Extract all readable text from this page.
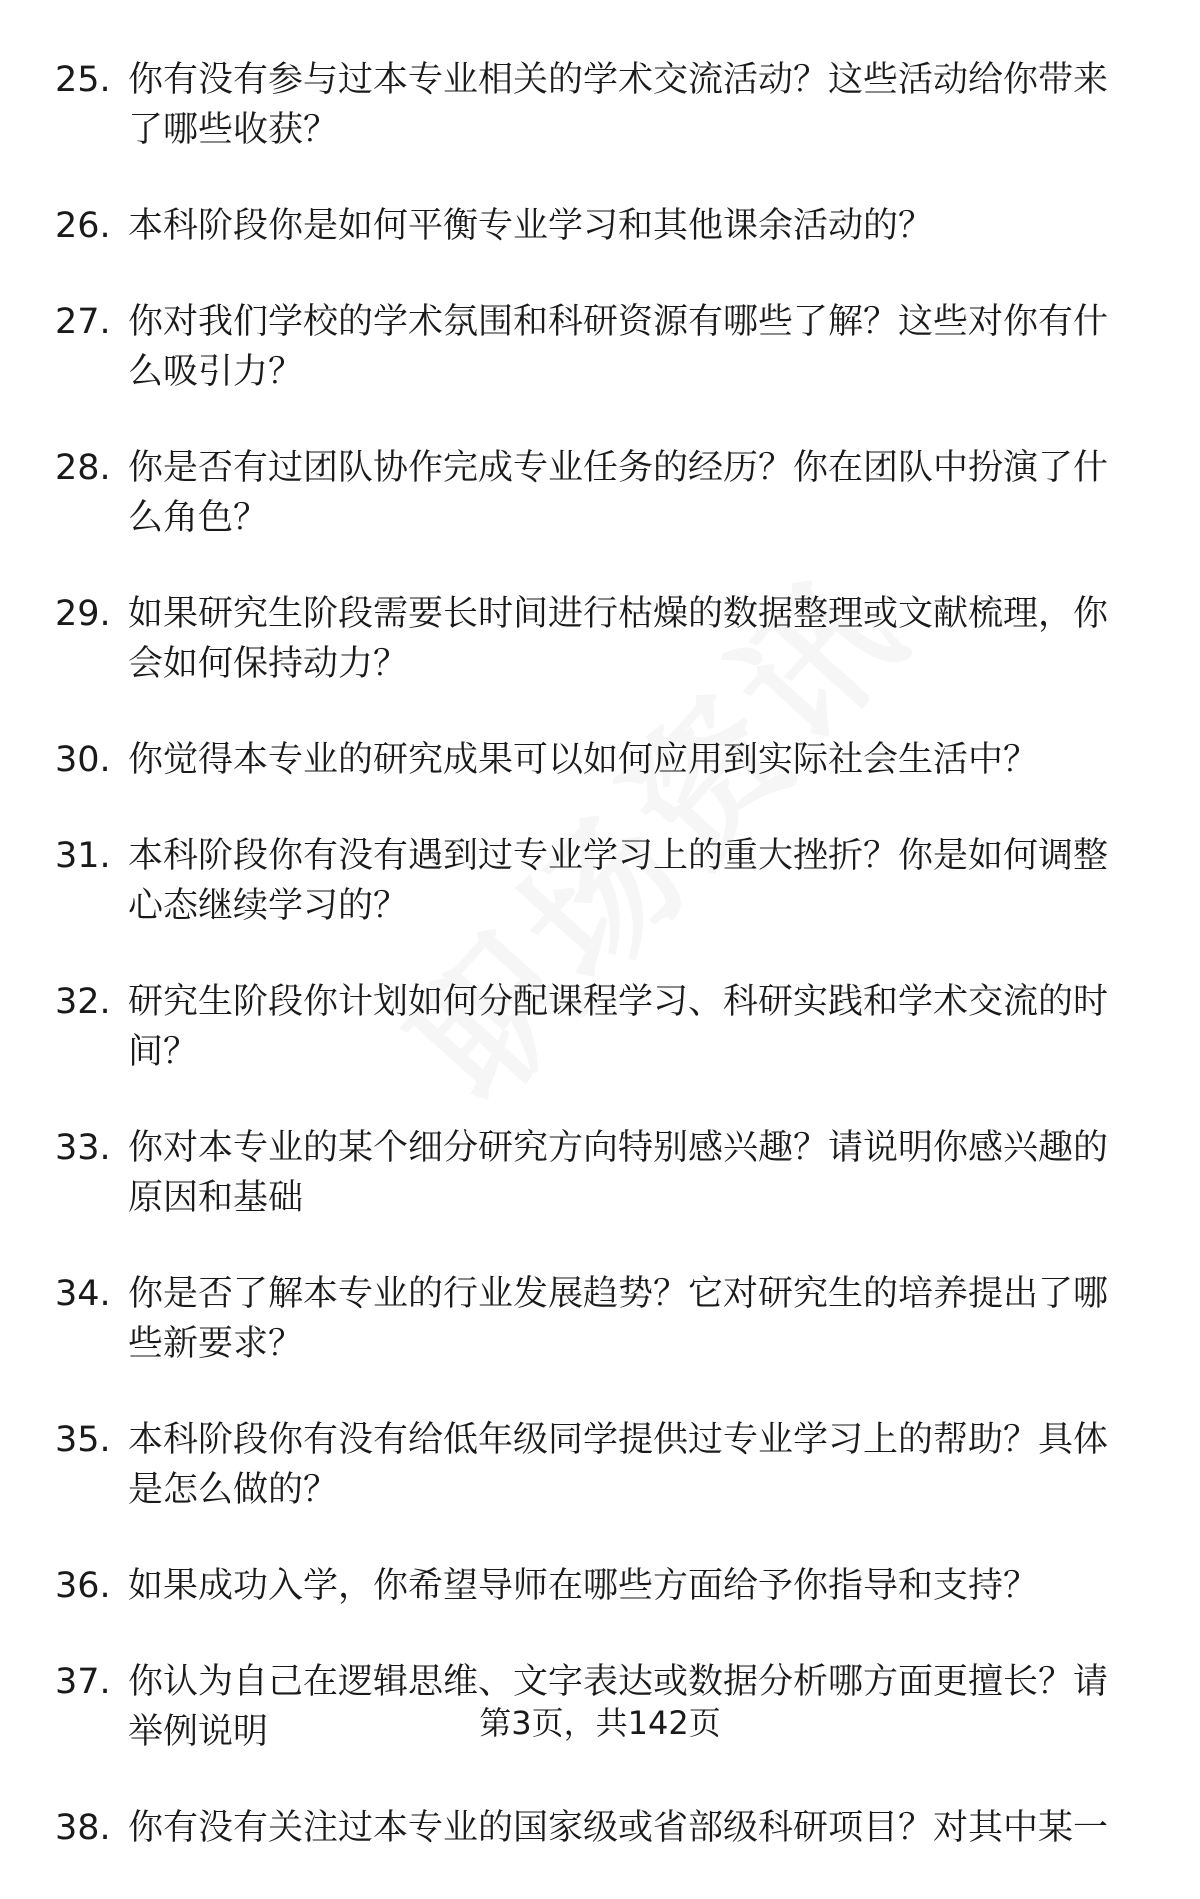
25. 你有没有参与过本专业相关的学术交流活动？这些活动给你带来了哪些收获？
26. 本科阶段你是如何平衡专业学习和其他课余活动的？
27. 你对我们学校的学术氛围和科研资源有哪些了解？这些对你有什么吸引力？
28. 你是否有过团队协作完成专业任务的经历？你在团队中扮演了什么角色？
29. 如果研究生阶段需要长时间进行枯燥的数据整理或文献梳理，你会如何保持动力？
30. 你觉得本专业的研究成果可以如何应用到实际社会生活中？
31. 本科阶段你有没有遇到过专业学习上的重大挫折？你是如何调整心态继续学习的？
32. 研究生阶段你计划如何分配课程学习、科研实践和学术交流的时间？
33. 你对本专业的某个细分研究方向特别感兴趣？请说明你感兴趣的原因和基础
34. 你是否了解本专业的行业发展趋势？它对研究生的培养提出了哪些新要求？
35. 本科阶段你有没有给低年级同学提供过专业学习上的帮助？具体是怎么做的？
36. 如果成功入学，你希望导师在哪些方面给予你指导和支持？
37. 你认为自己在逻辑思维、文字表达或数据分析哪方面更擅长？请举例说明
38. 你有没有关注过本专业的国家级或省部级科研项目？对其中某一
第3页，共142页
